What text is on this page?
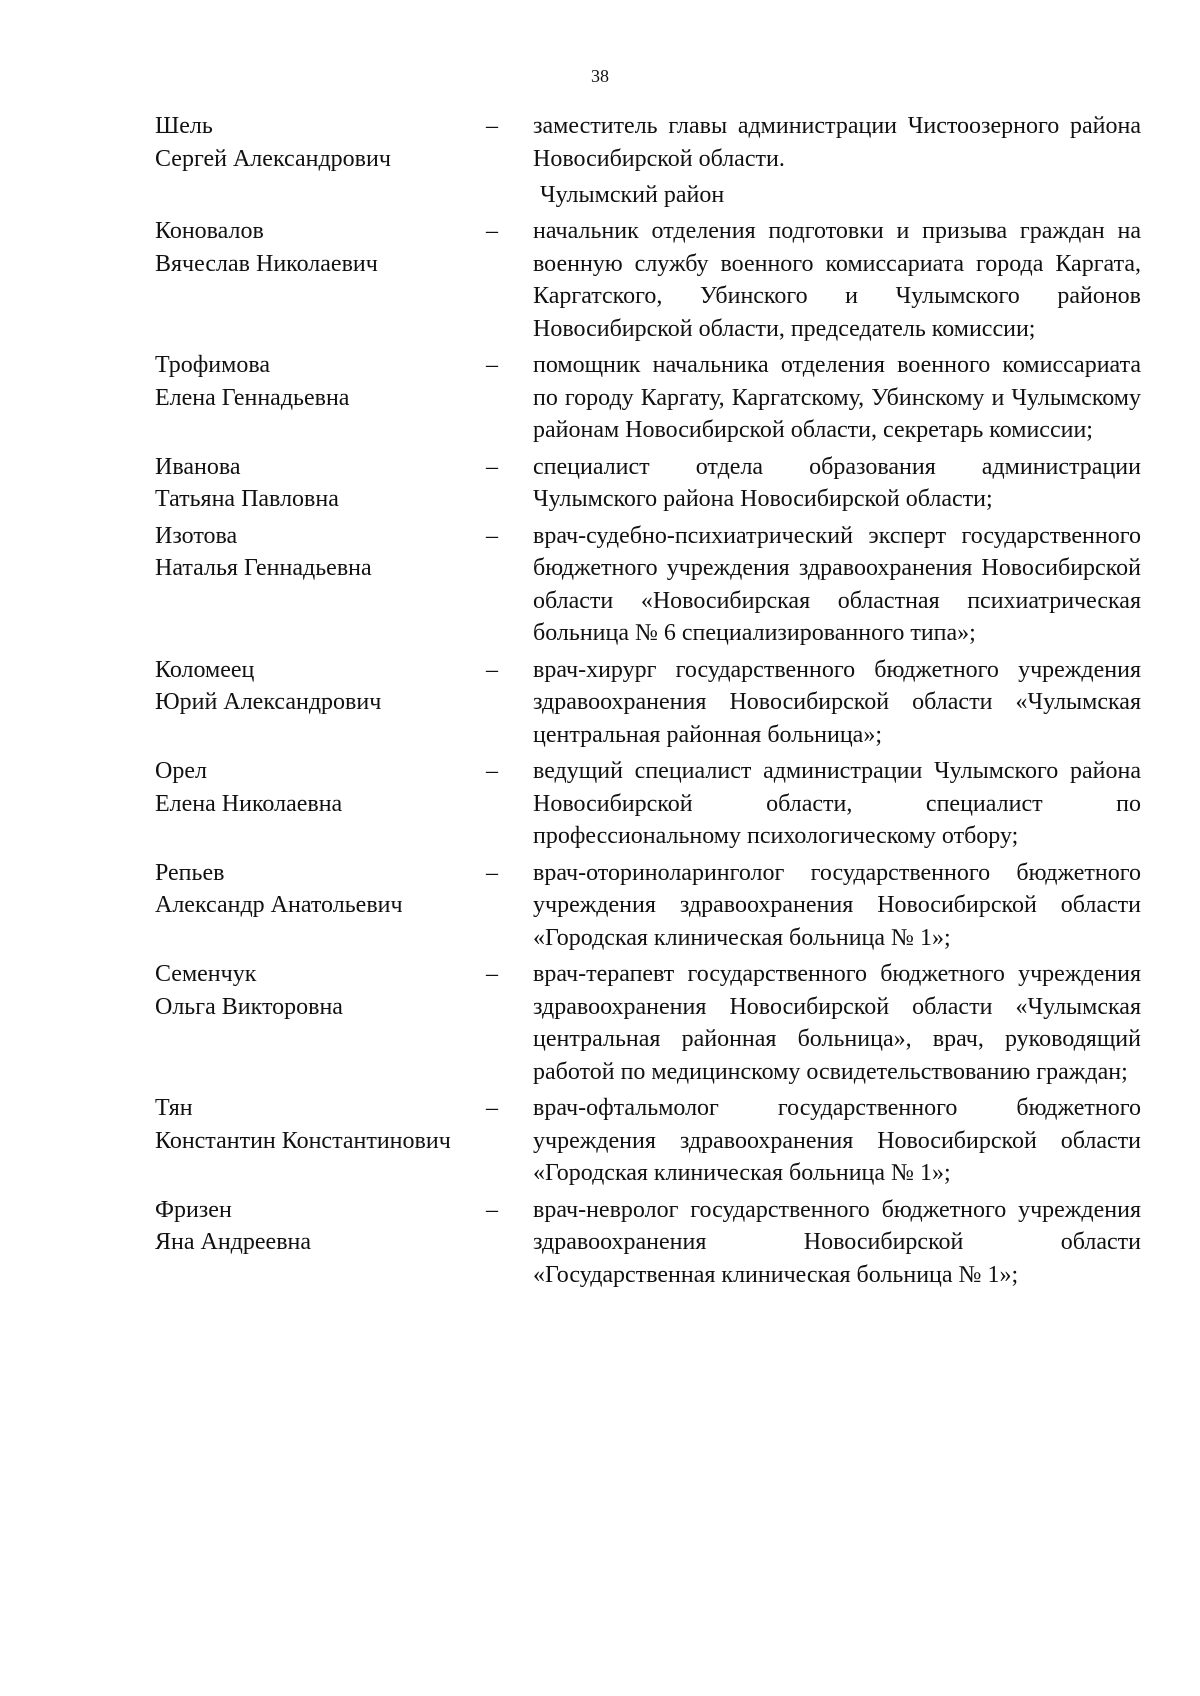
38
Шель
Сергей Александрович
– заместитель главы администрации Чистоозерного района Новосибирской области.
Чулымский район
Коновалов
Вячеслав Николаевич
– начальник отделения подготовки и призыва граждан на военную службу военного комиссариата города Каргата, Каргатского, Убинского и Чулымского районов Новосибирской области, председатель комиссии;
Трофимова
Елена Геннадьевна
– помощник начальника отделения военного комиссариата по городу Каргату, Каргатскому, Убинскому и Чулымскому районам Новосибирской области, секретарь комиссии;
Иванова
Татьяна Павловна
– специалист отдела образования администрации Чулымского района Новосибирской области;
Изотова
Наталья Геннадьевна
– врач-судебно-психиатрический эксперт государственного бюджетного учреждения здравоохранения Новосибирской области «Новосибирская областная психиатрическая больница № 6 специализированного типа»;
Коломеец
Юрий Александрович
– врач-хирург государственного бюджетного учреждения здравоохранения Новосибирской области «Чулымская центральная районная больница»;
Орел
Елена Николаевна
– ведущий специалист администрации Чулымского района Новосибирской области, специалист по профессиональному психологическому отбору;
Репьев
Александр Анатольевич
– врач-оториноларинголог государственного бюджетного учреждения здравоохранения Новосибирской области «Городская клиническая больница № 1»;
Семенчук
Ольга Викторовна
– врач-терапевт государственного бюджетного учреждения здравоохранения Новосибирской области «Чулымская центральная районная больница», врач, руководящий работой по медицинскому освидетельствованию граждан;
Тян
Константин Константинович
– врач-офтальмолог государственного бюджетного учреждения здравоохранения Новосибирской области «Городская клиническая больница № 1»;
Фризен
Яна Андреевна
– врач-невролог государственного бюджетного учреждения здравоохранения Новосибирской области «Государственная клиническая больница № 1»;
